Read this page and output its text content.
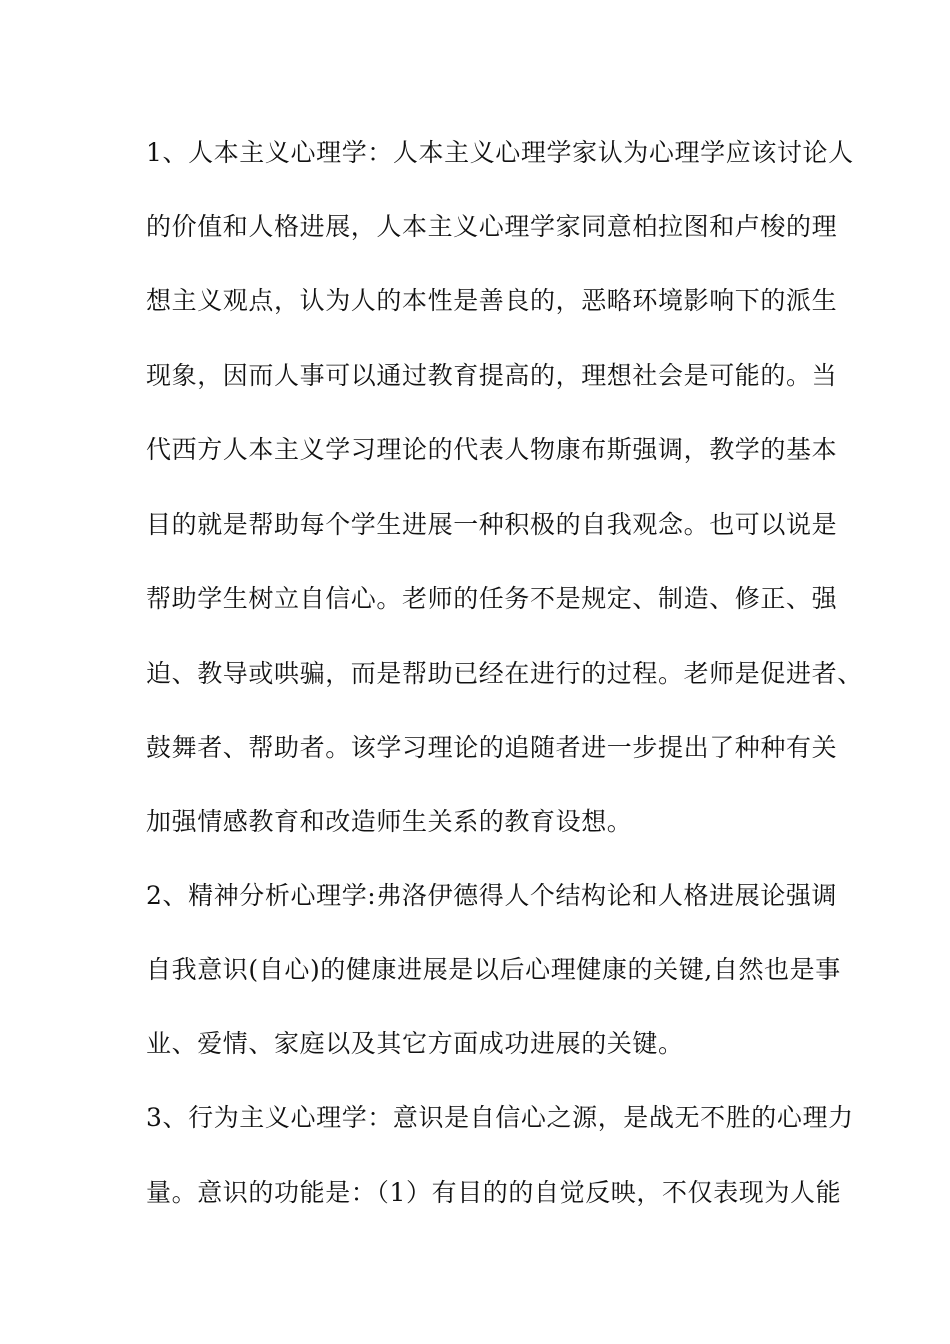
1、人本主义心理学：人本主义心理学家认为心理学应该讨论人
的价值和人格进展，人本主义心理学家同意柏拉图和卢梭的理
想主义观点，认为人的本性是善良的，恶略环境影响下的派生
现象，因而人事可以通过教育提高的，理想社会是可能的。当
代西方人本主义学习理论的代表人物康布斯强调，教学的基本
目的就是帮助每个学生进展一种积极的自我观念。也可以说是
帮助学生树立自信心。老师的任务不是规定、制造、修正、强
迫、教导或哄骗，而是帮助已经在进行的过程。老师是促进者、
鼓舞者、帮助者。该学习理论的追随者进一步提出了种种有关
加强情感教育和改造师生关系的教育设想。
2、精神分析心理学:弗洛伊德得人个结构论和人格进展论强调
自我意识(自心)的健康进展是以后心理健康的关键,自然也是事
业、爱情、家庭以及其它方面成功进展的关键。
3、行为主义心理学：意识是自信心之源，是战无不胜的心理力
量。意识的功能是：（1）有目的的自觉反映，不仅表现为人能
